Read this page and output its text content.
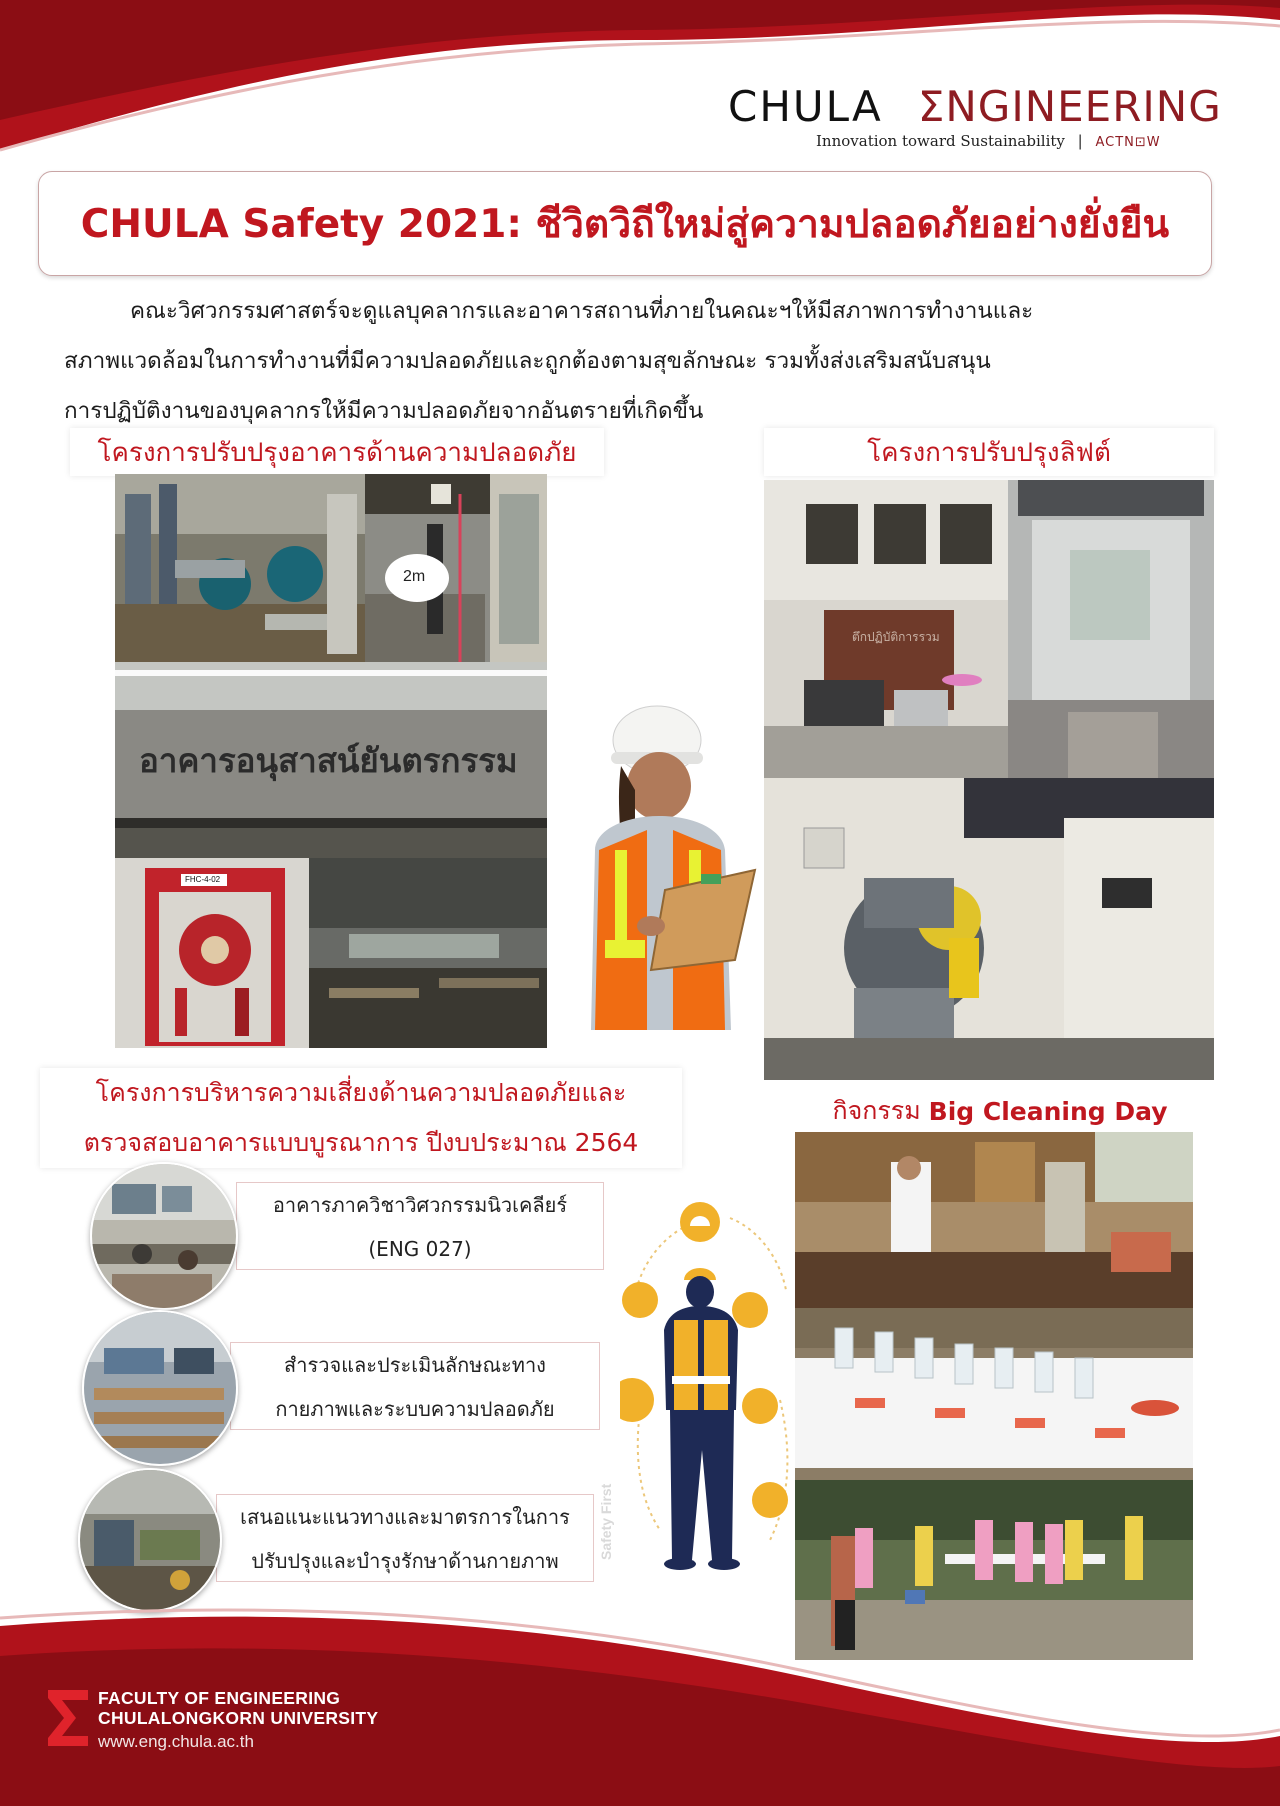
CHULA ƩNGINEERING
Innovation toward Sustainability | ACTN⊡W
CHULA Safety 2021: ชีวิตวิถีใหม่สู่ความปลอดภัยอย่างยั่งยืน

คณะวิศวกรรมศาสตร์จะดูแลบุคลากรและอาคารสถานที่ภายในคณะฯให้มีสภาพการทำงานและ

สภาพแวดล้อมในการทำงานที่มีความปลอดภัยและถูกต้องตามสุขลักษณะ รวมทั้งส่งเสริมสนับสนุน

การปฏิบัติงานของบุคลากรให้มีความปลอดภัยจากอันตรายที่เกิดขึ้น

โครงการปรับปรุงอาคารด้านความปลอดภัย
2m
อาคารอนุสาสน์ยันตรกรรม
FHC-4-02
โครงการปรับปรุงลิฟต์
ตึกปฏิบัติการรวม
โครงการบริหารความเสี่ยงด้านความปลอดภัยและ
ตรวจสอบอาคารแบบบูรณาการ ปีงบประมาณ 2564
อาคารภาควิชาวิศวกรรมนิวเคลียร์
(ENG 027)
สำรวจและประเมินลักษณะทาง
กายภาพและระบบความปลอดภัย
เสนอแนะแนวทางและมาตรการในการ
ปรับปรุงและบำรุงรักษาด้านกายภาพ
Safety First
กิจกรรม
Big Cleaning Day
FACULTY OF ENGINEERING
CHULALONGKORN UNIVERSITY
www.eng.chula.ac.th
